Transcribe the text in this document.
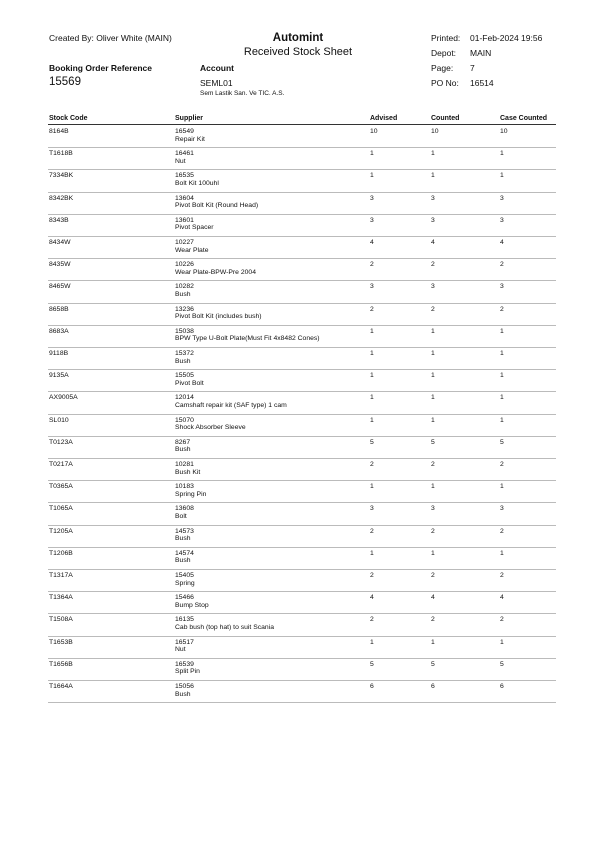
Created By: Oliver White (MAIN)	Automint
Received Stock Sheet
Printed: 01-Feb-2024 19:56
Depot: MAIN
Page: 7
PO No: 16514
Booking Order Reference
15569
Account
SEML01
Sem Lastik San. Ve TIC. A.S.
Stock Code	Supplier	Advised	Counted	Case Counted
8164B	16549	10	10	10
Repair Kit
T1618B	16461	1	1	1
Nut
7334BK	16535	1	1	1
Bolt Kit 100uhl
8342BK	13604	3	3	3
Pivot Bolt Kit (Round Head)
8343B	13601	3	3	3
Pivot Spacer
8434W	10227	4	4	4
Wear Plate
8435W	10226	2	2	2
Wear Plate-BPW-Pre 2004
8465W	10282	3	3	3
Bush
8658B	13236	2	2	2
Pivot Bolt Kit (includes bush)
8683A	15038	1	1	1
BPW Type U-Bolt Plate(Must Fit 4x8482 Cones)
9118B	15372	1	1	1
Bush
9135A	15505	1	1	1
Pivot Bolt
AX9005A	12014	1	1	1
Camshaft repair kit (SAF type) 1 cam
SL010	15070	1	1	1
Shock Absorber Sleeve
T0123A	8267	5	5	5
Bush
T0217A	10281	2	2	2
Bush Kit
T0365A	10183	1	1	1
Spring Pin
T1065A	13608	3	3	3
Bolt
T1205A	14573	2	2	2
Bush
T1206B	14574	1	1	1
Bush
T1317A	15405	2	2	2
Spring
T1364A	15466	4	4	4
Bump Stop
T1508A	16135	2	2	2
Cab bush (top hat) to suit Scania
T1653B	16517	1	1	1
Nut
T1656B	16539	5	5	5
Split Pin
T1664A	15056	6	6	6
Bush
